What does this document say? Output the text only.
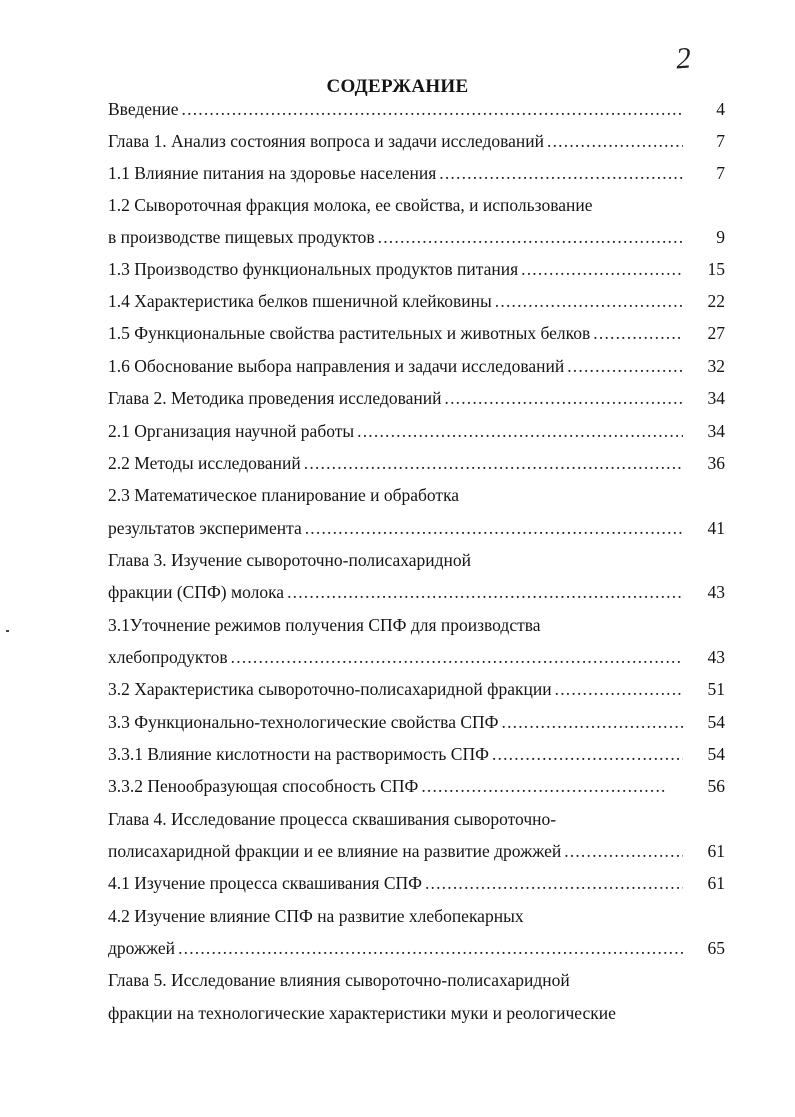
2
СОДЕРЖАНИЕ
Введение .....	4
Глава 1. Анализ состояния вопроса и задачи исследований .....	7
1.1 Влияние питания на здоровье населения .....	7
1.2 Сывороточная фракция молока, ее свойства, и использование
в производстве пищевых продуктов .....	9
1.3 Производство функциональных продуктов питания .....	15
1.4 Характеристика белков пшеничной клейковины .....	22
1.5 Функциональные свойства растительных и животных белков .....	27
1.6 Обоснование выбора направления и задачи исследований .....	32
Глава 2. Методика проведения исследований .....	34
2.1 Организация научной работы .....	34
2.2 Методы исследований .....	36
2.3 Математическое планирование и обработка
результатов эксперимента .....	41
Глава 3. Изучение сывороточно-полисахаридной
фракции (СПФ) молока .....	43
3.1Уточнение режимов получения СПФ для производства
хлебопродуктов .....	43
3.2 Характеристика сывороточно-полисахаридной фракции .....	51
3.3 Функционально-технологические свойства СПФ .....	54
3.3.1 Влияние кислотности на растворимость СПФ .....	54
3.3.2 Пенообразующая способность СПФ .....	56
Глава 4. Исследование процесса сквашивания сывороточно-
полисахаридной фракции и ее влияние на развитие дрожжей .....	61
4.1 Изучение процесса сквашивания СПФ .....	61
4.2 Изучение влияние СПФ на развитие хлебопекарных
дрожжей .....	65
Глава 5. Исследование влияния сывороточно-полисахаридной
фракции на технологические характеристики муки и реологические
